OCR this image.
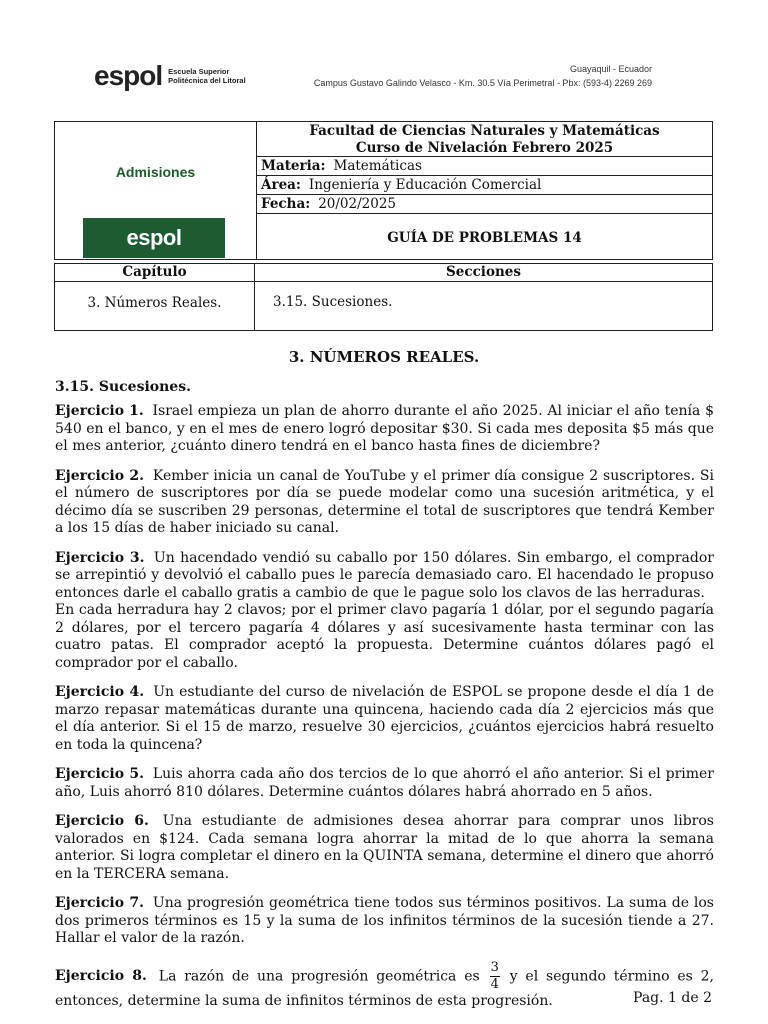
espol Escuela Superior
Politécnica del Litoral
Guayaquil - Ecuador
Campus Gustavo Galindo Velasco - Km. 30.5 Vía Perimetral - Pbx: (593-4) 2269 269
Admisiones
espol
Facultad de Ciencias Naturales y Matemáticas
Curso de Nivelación Febrero 2025
Materia: Matemáticas
Área: Ingeniería y Educación Comercial
Fecha: 20/02/2025
GUÍA DE PROBLEMAS 14
Capítulo	Secciones
3. Números Reales.	3.15. Sucesiones.
3. NÚMEROS REALES.
3.15. Sucesiones.

Ejercicio 1. Israel empieza un plan de ahorro durante el año 2025. Al iniciar el año tenía $ 540 en el banco, y en el mes de enero logró depositar $30. Si cada mes deposita $5 más que el mes anterior, ¿cuánto dinero tendrá en el banco hasta fines de diciembre?

Ejercicio 2. Kember inicia un canal de YouTube y el primer día consigue 2 suscriptores. Si el número de suscriptores por día se puede modelar como una sucesión aritmética, y el décimo día se suscriben 29 personas, determine el total de suscriptores que tendrá Kember a los 15 días de haber iniciado su canal.

Ejercicio 3. Un hacendado vendió su caballo por 150 dólares. Sin embargo, el comprador se arrepintió y devolvió el caballo pues le parecía demasiado caro. El hacendado le propuso entonces darle el caballo gratis a cambio de que le pague solo los clavos de las herraduras.
En cada herradura hay 2 clavos; por el primer clavo pagaría 1 dólar, por el segundo pagaría 2 dólares, por el tercero pagaría 4 dólares y así sucesivamente hasta terminar con las cuatro patas. El comprador aceptó la propuesta. Determine cuántos dólares pagó el comprador por el caballo.

Ejercicio 4. Un estudiante del curso de nivelación de ESPOL se propone desde el día 1 de marzo repasar matemáticas durante una quincena, haciendo cada día 2 ejercicios más que el día anterior. Si el 15 de marzo, resuelve 30 ejercicios, ¿cuántos ejercicios habrá resuelto en toda la quincena?

Ejercicio 5. Luis ahorra cada año dos tercios de lo que ahorró el año anterior. Si el primer año, Luis ahorró 810 dólares. Determine cuántos dólares habrá ahorrado en 5 años.

Ejercicio 6. Una estudiante de admisiones desea ahorrar para comprar unos libros valorados en $124. Cada semana logra ahorrar la mitad de lo que ahorra la semana anterior. Si logra completar el dinero en la QUINTA semana, determine el dinero que ahorró en la TERCERA semana.

Ejercicio 7. Una progresión geométrica tiene todos sus términos positivos. La suma de los dos primeros términos es 15 y la suma de los infinitos términos de la sucesión tiende a 27. Hallar el valor de la razón.

Ejercicio 8. La razón de una progresión geométrica es $\frac{3}{4}$ y el segundo término es 2, entonces, determine la suma de infinitos términos de esta progresión.	Pag. 1 de 2
